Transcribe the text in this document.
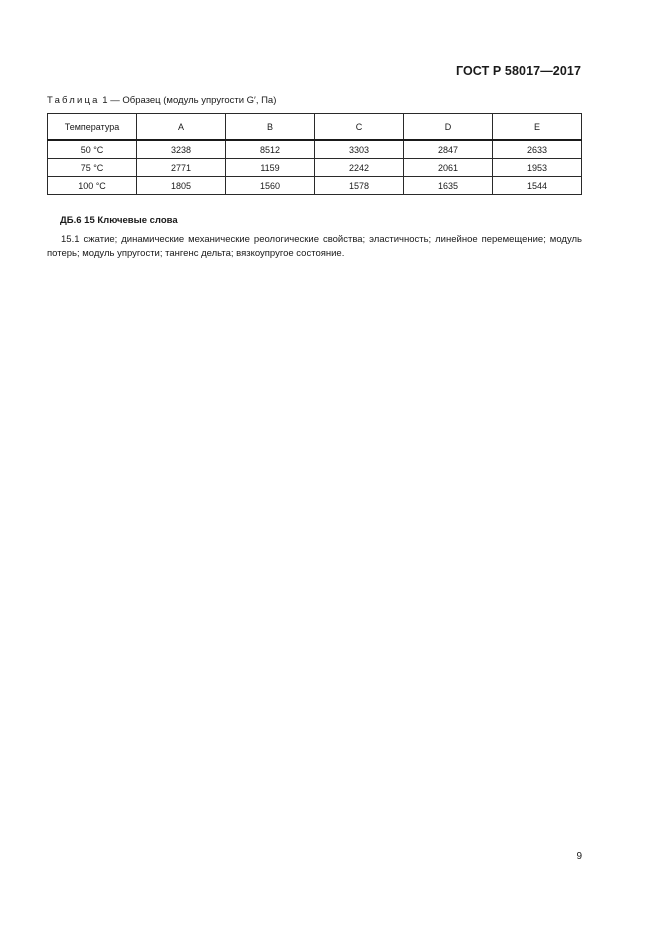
ГОСТ Р 58017—2017
Таблица 1 — Образец (модуль упругости G′, Па)
Температура	A	B	C	D	E
50 °C	3238	8512	3303	2847	2633
75 °C	2771	1159	2242	2061	1953
100 °C	1805	1560	1578	1635	1544
ДБ.6 15 Ключевые слова

15.1 сжатие; динамические механические реологические свойства; эластичность; линейное перемещение; модуль потерь; модуль упругости; тангенс дельта; вязкоупругое состояние.

9
